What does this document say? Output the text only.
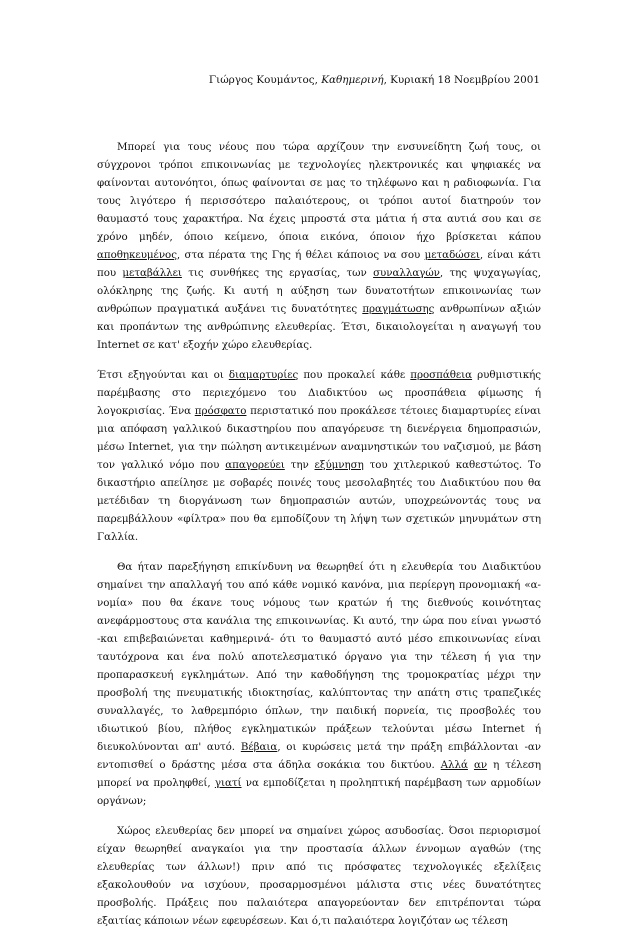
Γιώργος Κουμάντος, Καθημερινή, Κυριακή 18 Νοεμβρίου 2001

Μπορεί για τους νέους που τώρα αρχίζουν την ενσυνείδητη ζωή τους, οι σύγχρονοι τρόποι επικοινωνίας με τεχνολογίες ηλεκτρονικές και ψηφιακές να φαίνονται αυτονόητοι, όπως φαίνονται σε μας το τηλέφωνο και η ραδιοφωνία. Για τους λιγότερο ή περισσότερο παλαιότερους, οι τρόποι αυτοί διατηρούν τον θαυμαστό τους χαρακτήρα. Να έχεις μπροστά στα μάτια ή στα αυτιά σου και σε χρόνο μηδέν, όποιο κείμενο, όποια εικόνα, όποιον ήχο βρίσκεται κάπου αποθηκευμένος, στα πέρατα της Γης ή θέλει κάποιος να σου μεταδώσει, είναι κάτι που μεταβάλλει τις συνθήκες της εργασίας, των συναλλαγών, της ψυχαγωγίας, ολόκληρης της ζωής. Κι αυτή η αύξηση των δυνατοτήτων επικοινωνίας των ανθρώπων πραγματικά αυξάνει τις δυνατότητες πραγμάτωσης ανθρωπίνων αξιών και προπάντων της ανθρώπινης ελευθερίας. Έτσι, δικαιολογείται η αναγωγή του Internet σε κατ' εξοχήν χώρο ελευθερίας.

Έτσι εξηγούνται και οι διαμαρτυρίες που προκαλεί κάθε προσπάθεια ρυθμιστικής παρέμβασης στο περιεχόμενο του Διαδικτύου ως προσπάθεια φίμωσης ή λογοκρισίας. Ένα πρόσφατο περιστατικό που προκάλεσε τέτοιες διαμαρτυρίες είναι μια απόφαση γαλλικού δικαστηρίου που απαγόρευσε τη διενέργεια δημοπρασιών, μέσω Internet, για την πώληση αντικειμένων αναμνηστικών του ναζισμού, με βάση τον γαλλικό νόμο που απαγορεύει την εξύμνηση του χιτλερικού καθεστώτος. Το δικαστήριο απείλησε με σοβαρές ποινές τους μεσολαβητές του Διαδικτύου που θα μετέδιδαν τη διοργάνωση των δημοπρασιών αυτών, υποχρεώνοντάς τους να παρεμβάλλουν «φίλτρα» που θα εμποδίζουν τη λήψη των σχετικών μηνυμάτων στη Γαλλία.

Θα ήταν παρεξήγηση επικίνδυνη να θεωρηθεί ότι η ελευθερία του Διαδικτύου σημαίνει την απαλλαγή του από κάθε νομικό κανόνα, μια περίεργη προνομιακή «α-νομία» που θα έκανε τους νόμους των κρατών ή της διεθνούς κοινότητας ανεφάρμοστους στα κανάλια της επικοινωνίας. Κι αυτό, την ώρα που είναι γνωστό -και επιβεβαιώνεται καθημερινά- ότι το θαυμαστό αυτό μέσο επικοινωνίας είναι ταυτόχρονα και ένα πολύ αποτελεσματικό όργανο για την τέλεση ή για την προπαρασκευή εγκλημάτων. Από την καθοδήγηση της τρομοκρατίας μέχρι την προσβολή της πνευματικής ιδιοκτησίας, καλύπτοντας την απάτη στις τραπεζικές συναλλαγές, το λαθρεμπόριο όπλων, την παιδική πορνεία, τις προσβολές του ιδιωτικού βίου, πλήθος εγκληματικών πράξεων τελούνται μέσω Internet ή διευκολύνονται απ' αυτό. Βέβαια, οι κυρώσεις μετά την πράξη επιβάλλονται -αν εντοπισθεί ο δράστης μέσα στα άδηλα σοκάκια του δικτύου. Αλλά αν η τέλεση μπορεί να προληφθεί, γιατί να εμποδίζεται η προληπτική παρέμβαση των αρμοδίων οργάνων;

Χώρος ελευθερίας δεν μπορεί να σημαίνει χώρος ασυδοσίας. Όσοι περιορισμοί είχαν θεωρηθεί αναγκαίοι για την προστασία άλλων έννομων αγαθών (της ελευθερίας των άλλων!) πριν από τις πρόσφατες τεχνολογικές εξελίξεις εξακολουθούν να ισχύουν, προσαρμοσμένοι μάλιστα στις νέες δυνατότητες προσβολής. Πράξεις που παλαιότερα απαγορεύονταν δεν επιτρέπονται τώρα εξαιτίας κάποιων νέων εφευρέσεων. Και ό,τι παλαιότερα λογιζόταν ως τέλεση
